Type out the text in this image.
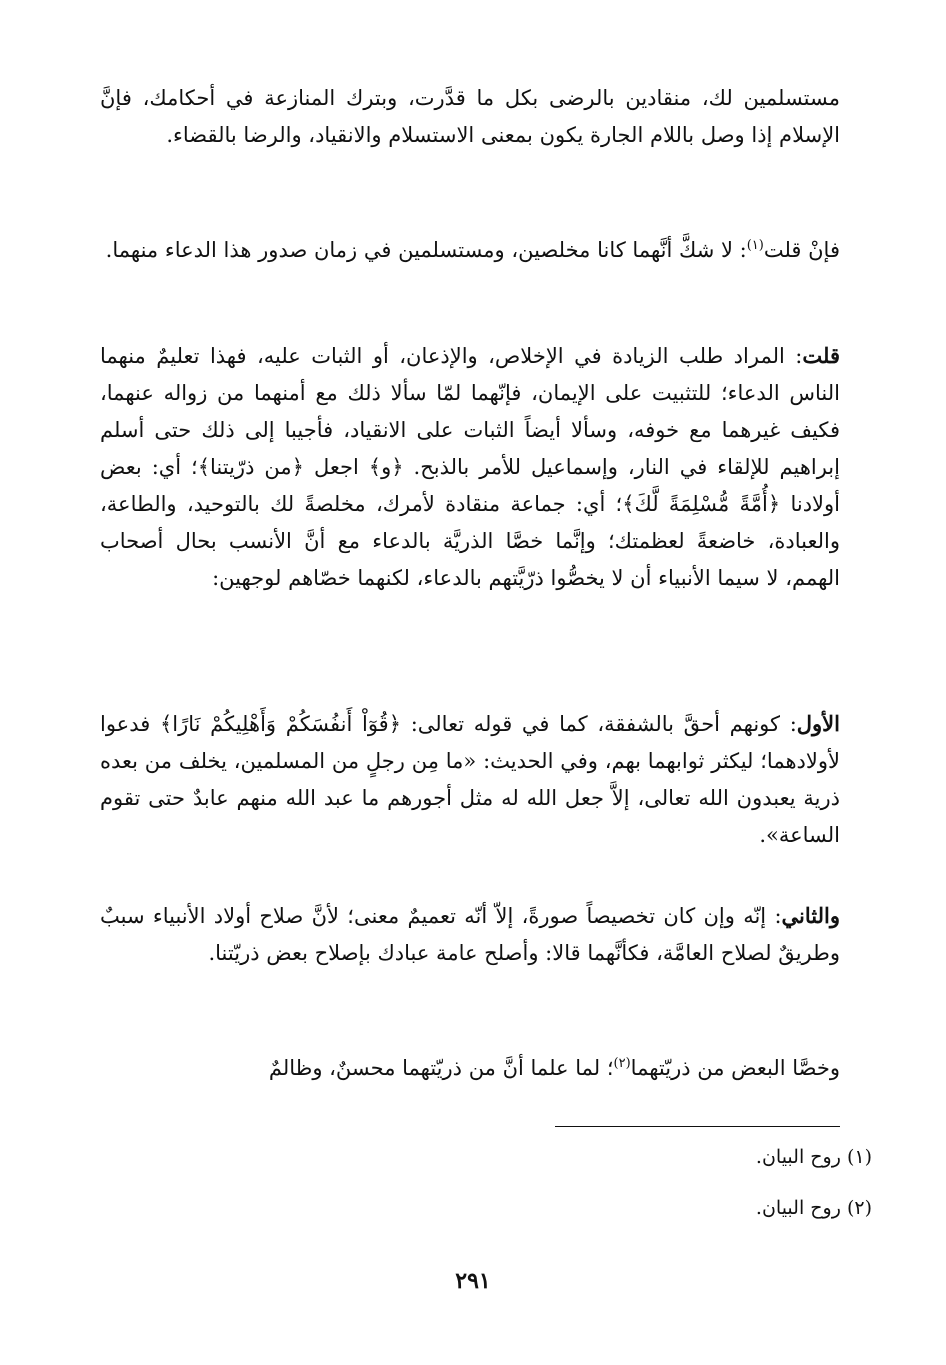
مستسلمين لك، منقادين بالرضى بكل ما قدَّرت، وبترك المنازعة في أحكامك، فإنَّ الإسلام إذا وصل باللام الجارة يكون بمعنى الاستسلام والانقياد، والرضا بالقضاء.
فإنْ قلت$^{(١)}$: لا شكَّ أنَّهما كانا مخلصين، ومستسلمين في زمان صدور هذا الدعاء منهما.
قلت: المراد طلب الزيادة في الإخلاص، والإذعان، أو الثبات عليه، فهذا تعليمٌ منهما الناس الدعاء؛ للتثبيت على الإيمان، فإنّهما لمّا سألا ذلك مع أمنهما من زواله عنهما، فكيف غيرهما مع خوفه، وسألا أيضاً الثبات على الانقياد، فأجيبا إلى ذلك حتى أسلم إبراهيم للإلقاء في النار، وإسماعيل للأمر بالذبح. ﴿و﴾ اجعل ﴿من ذرّيتنا﴾؛ أي: بعض أولادنا ﴿أُمَّةً مُّسْلِمَةً لَّكَ﴾؛ أي: جماعة منقادة لأمرك، مخلصةً لك بالتوحيد، والطاعة، والعبادة، خاضعةً لعظمتك؛ وإنَّما خصَّا الذريَّة بالدعاء مع أنَّ الأنسب بحال أصحاب الهمم، لا سيما الأنبياء أن لا يخصُّوا ذرّيَّتهم بالدعاء، لكنهما خصّاهم لوجهين:
الأول: كونهم أحقَّ بالشفقة، كما في قوله تعالى: ﴿قُوٓاْ أَنفُسَكُمْ وَأَهْلِيكُمْ نَارًا﴾ فدعوا لأولادهما؛ ليكثر ثوابهما بهم، وفي الحديث: «ما مِن رجلٍ من المسلمين، يخلف من بعده ذرية يعبدون الله تعالى، إلاَّ جعل الله له مثل أجورهم ما عبد الله منهم عابدٌ حتى تقوم الساعة».
والثاني: إنّه وإن كان تخصيصاً صورةً، إلاّ أنّه تعميمٌ معنى؛ لأنَّ صلاح أولاد الأنبياء سببٌ وطريقٌ لصلاح العامَّة، فكأنَّهما قالا: وأصلح عامة عبادك بإصلاح بعض ذريّتنا.
وخصَّا البعض من ذريّتهما$^{(٢)}$؛ لما علما أنَّ من ذريّتهما محسنٌ، وظالمٌ
(١) روح البيان.
(٢) روح البيان.
٢٩١
